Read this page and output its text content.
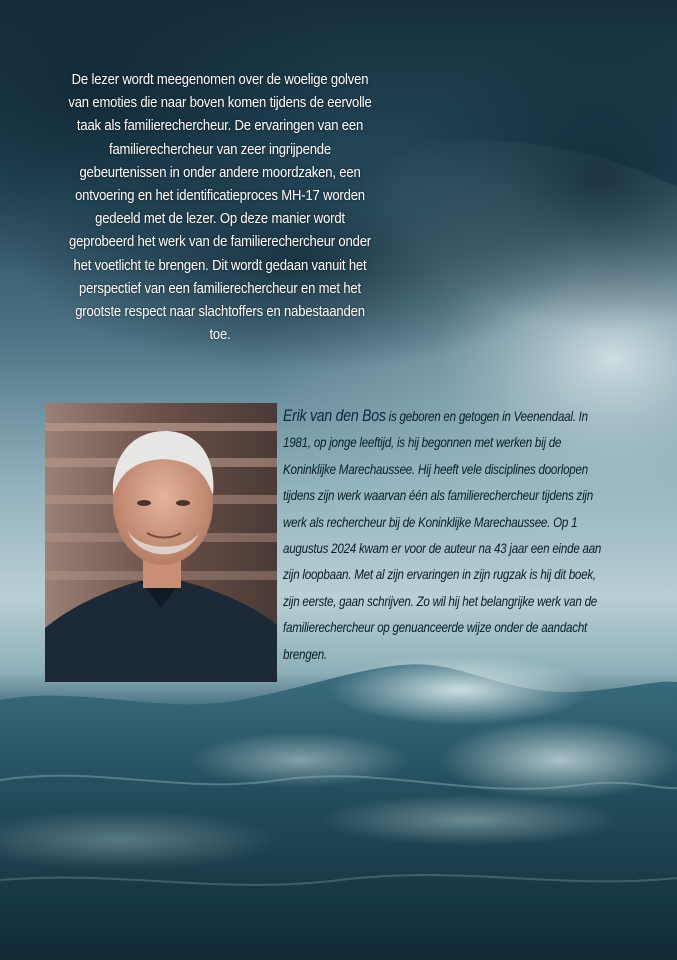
De lezer wordt meegenomen over de woelige golven van emoties die naar boven komen tijdens de eervolle taak als familierechercheur. De ervaringen van een familierechercheur van zeer ingrijpende gebeurtenissen in onder andere moordzaken, een ontvoering en het identificatieproces MH-17 worden gedeeld met de lezer. Op deze manier wordt geprobeerd het werk van de familierechercheur onder het voetlicht te brengen. Dit wordt gedaan vanuit het perspectief van een familierechercheur en met het grootste respect naar slachtoffers en nabestaanden toe.
Erik van den Bos is geboren en getogen in Veenendaal. In 1981, op jonge leeftijd, is hij begonnen met werken bij de Koninklijke Marechaussee. Hij heeft vele disciplines doorlopen tijdens zijn werk waarvan één als familierechercheur tijdens zijn werk als rechercheur bij de Koninklijke Marechaussee. Op 1 augustus 2024 kwam er voor de auteur na 43 jaar een einde aan zijn loopbaan. Met al zijn ervaringen in zijn rugzak is hij dit boek, zijn eerste, gaan schrijven. Zo wil hij het belangrijke werk van de familierechercheur op genuanceerde wijze onder de aandacht brengen.
